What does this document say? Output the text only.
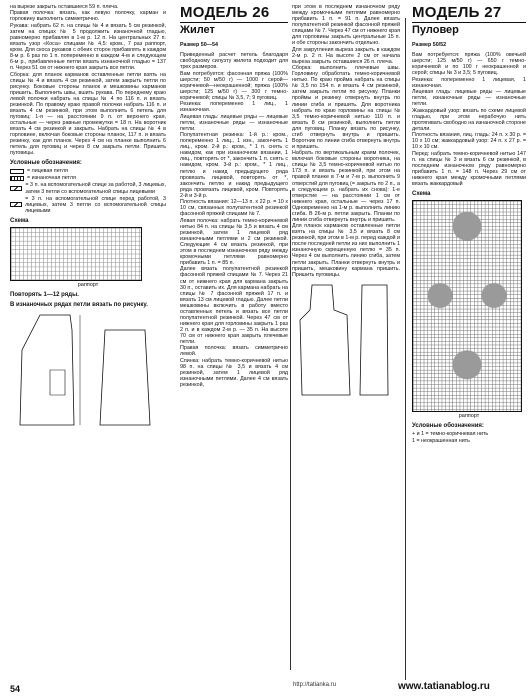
на вырезе закрыть оставшиеся 59 п. плеча.

Правая полочка: вязать, как левую полочку, карман и горловину выполнить симметрично.

Рукава: набрать 62 п. на спицы № 4 и вязать 5 см резинкой, затем на спицах № 5 продолжить изнаночной гладью, равномерно прибавляя в 1-м р. 12 п. На центральных 27 п. вязать узор «Коса» спицами № 4,5: кром., 7 раз раппорт, кром. Для скоса рукавов с обеих сторон прибавлять в каждом 8-м р. 6 раз по 1 п. попеременно в каждом 4-м и следующем 6-м р., прибавленные петли вязать изнаночной гладью = 137 п. Через 51 см от нижнего края закрыть все петли.

Сборка: для планок карманов оставленные петли взять на спицы № 4 и вязать 4 см резинкой, затем закрыть петли по рисунку. Боковые стороны планок и мешковины карманов пришить. Выполнить швы, вшить рукава. По переднему краю левой полочки набрать на спицы № 4 по 116 п. и вязать резинкой. По правому краю правой полочки набрать 116 п. и вязать 4 см резинкой, при этом выполнить 6 петель для пуговиц: 1-я — на расстоянии 9 п. от верхнего края, остальные — через равные промежутки = 18 п. На воротник вязать 4 см резинкой и закрыть. Набрать на спицы № 4 в горловине, включая боковые стороны планок, 117 п. и вязать резинку, как для планок. Через 4 см на планке выполнить 6 петель для пуговиц и через 8 см закрыть петли. Пришить пуговицы.

Условные обозначения:
= лицевая петля
= изнаночная петля
= 3 п. на вспомогательной спице за работой, 3 лицевых, затем 3 петли со вспомогательной спицы лицевыми
= 3 п. на вспомогательной спице перед работой, 3 лицевых, затем 3 петли со вспомогательной спицы лицевыми
Схема
раппорт
Повторять 1—12 ряды.
В изнаночных рядах петли вязать по рисунку.
МОДЕЛЬ 26
Жилет
Размер 50—54

Приведенный расчет петель благодаря свободному силуэту жилета подходит для трех размеров.

Вам потребуется: фасонная пряжа (100% шерсти; 50 м/50 г) — 1000 г серой—коричневой—неокрашенной; пряжа (100% шерсти; 125 м/50 г) — 300 г темно-коричневой; спицы № 3,5, 7; 9 пуговиц.

Резинка: попеременно 1 лиц., 1 изнаночная.

Лицевая гладь: лицевые ряды — лицевые петли, изнаночные ряды — изнаночные петли.

Полупатентная резинка: 1-й р.: кром., попеременно 1 лиц., 1 изн., закончить 1 лиц., кром. 2-й р.: кром., * 1 п. снять с накидом, как при изнаночном вязании, 1 лиц., повторять от *, закончить 1 п. снять с накидом, кром. 3-й р.: кром., * 1 лиц., петлю и накид предыдущего ряда провязать лицевой, повторять от *, закончить петлю и накид предыдущего ряда провязать лицевой, кром. Повторять 2-й и 3-й р.

Плотность вязания: 12—13 п. х 22 р. = 10 х 10 см, связанных полупатентной резинкой фасонной пряжей спицами № 7.

Левая полочка: набрать темно-коричневой нитью 84 п. на спицы № 3,5 и вязать 4 см резинкой, затем 1 лицевой ряд изнаночными петлями и 2 см резинкой. Следующие 4 см вязать резинкой, при этом в последнем изнаночном ряду между кромочными петлями равномерно прибавить 1 п. = 85 п.

Далее вязать полупатентной резинкой фасонной пряжей спицами № 7. Через 21 см от нижнего края для кармана закрыть 30 п., оставить их. Для кармана набрать на спицы № 7 фасонной пряжей 17 п. и вязать 13 см лицевой гладью. Далее петли мешковины включить в работу вместо оставленных петель и вязать все петли полупатентной резинкой. Через 47 см от нижнего края для горловины закрыть 1 раз 2 п. и в каждом 2-м р. — 35 п. На высоте 70 см от нижнего края закрыть плечевые петли.

Правая полочка: вязать симметрично левой.

Спинка: набрать темно-коричневой нитью 98 п. на спицы № 3,5 и вязать 4 см резинкой, затем 1 лицевой ряд изнаночными петлями. Далее 4 см вязать резинкой,

при этом в последнем изнаночном ряду между кромочными петлями равномерно прибавить 1 п. = 91 п. Далее вязать полупатентной резинкой фасонной пряжей спицами № 7. Через 47 см от нижнего края для горловины закрыть центральные 15 п. и обе стороны закончить отдельно.

Для закругления выреза закрыть в каждом 2-м р. 2 п. На высоте 2 см от начала выреза закрыть оставшиеся 26 п. плеча.

Сборка: выполнить плечевые швы. Горловину обработать темно-коричневой нитью. По краю пройма набрать на спицы № 3,5 по 154 п. и вязать 4 см резинкой, затем закрыть петли по рисунку. Планки проймы и резинку отвернуть внутрь по линии сгиба и пришить. Для воротника набрать по краю горловины на спицы № 3,5 темно-коричневой нитью 110 п. и вязать 8 см резинкой, выполнить петли для пуговиц. Планку вязать по рисунку, сгиб отвернуть внутрь и пришить. Воротник по линии сгиба отвернуть внутрь и пришить.

Набрать по вертикальным краям полочек, включая боковые стороны воротника, на спицы № 3,5 темно-коричневой нитью по 173 п. и вязать резинкой, при этом на правой планке в 7-м и 7-м р. выполнить 9 отверстий для пуговиц (= закрыть по 2 п., а в следующем р. набрать их снова): 1-е отверстие — на расстоянии 1 см от нижнего края, остальные — через 17 п. Одновременно на 1-м р. выполнить линию сгиба. В 26-м р. петли закрыть. Планки по линии сгиба отвернуть внутрь и пришить.

Для планок карманов оставленные петли взять на спицы № 3,5 и вязать 8 см резинкой, при этом в 1-м р. перед каждой и после последней петли из них выполнить 1 изнаночную скрещенную петлю = 35 п. Через 4 см выполнить линию сгиба, затем петли закрыть. Планки отвернуть внутрь и пришить, мешковину кармана пришить. Пришить пуговицы.

МОДЕЛЬ 27
Пуловер
Размер 50/52

Вам потребуется: пряжа (100% овечьей шерсти; 125 м/50 г) — 650 г темно-коричневой и по 100 г неокрашенной и серой; спицы № 3 и 3,5; 5 пуговиц.

Резинка: попеременно 1 лицевая, 1 изнаночная.

Лицевая гладь: лицевые ряды — лицевые петли, изнаночные ряды — изнаночные петли.

Жаккардовый узор: вязать по схеме лицевой гладью, при этом нерабочую нить протягивать свободно на изнаночной стороне детали.

Плотность вязания, лиц. гладь: 24 п. х 30 р. = 10 х 10 см; жаккардовый узор: 24 п. х 27 р. = 10 х 10 см.

Перед: набрать темно-коричневой нитью 147 п. на спицы № 3 и вязать 6 см резинкой, в последнем изнаночном ряду равномерно прибавить 1 п. = 148 п. Через 29 см от нижнего края между кромочными петлями вязать жаккардовый

Схема
раппорт
Условные обозначения:
+ и 1 = темно-коричневая нить
1 = неокрашенная нить
54	http://tatianka.ru	www.tatianablog.ru
